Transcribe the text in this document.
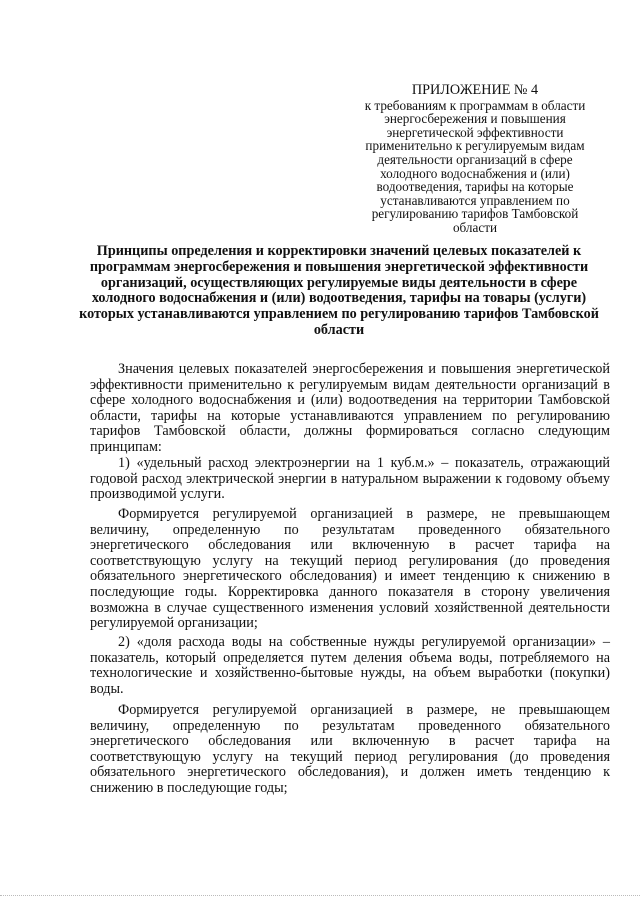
ПРИЛОЖЕНИЕ № 4
к требованиям к программам в области
энергосбережения и повышения
энергетической эффективности
применительно к регулируемым видам
деятельности организаций в сфере
холодного водоснабжения и (или)
водоотведения, тарифы на которые
устанавливаются управлением по
регулированию тарифов Тамбовской
области
Принципы определения и корректировки значений целевых показателей к
программам энергосбережения и повышения энергетической эффективности
организаций, осуществляющих регулируемые виды деятельности в сфере
холодного водоснабжения и (или) водоотведения, тарифы на товары (услуги)
которых устанавливаются управлением по регулированию тарифов Тамбовской
области
Значения целевых показателей энергосбережения и повышения энергетической
эффективности применительно к регулируемым видам деятельности организаций в
сфере холодного водоснабжения и (или) водоотведения на территории Тамбовской
области, тарифы на которые устанавливаются управлением по регулированию
тарифов Тамбовской области, должны формироваться согласно следующим
принципам:
1) «удельный расход электроэнергии на 1 куб.м.» – показатель, отражающий
годовой расход электрической энергии в натуральном выражении к годовому объему
производимой услуги.
Формируется регулируемой организацией в размере, не превышающем
величину, определенную по результатам проведенного обязательного
энергетического обследования или включенную в расчет тарифа на
соответствующую услугу на текущий период регулирования (до проведения
обязательного энергетического обследования) и имеет тенденцию к снижению в
последующие годы. Корректировка данного показателя в сторону увеличения
возможна в случае существенного изменения условий хозяйственной деятельности
регулируемой организации;
2) «доля расхода воды на собственные нужды регулируемой организации» –
показатель, который определяется путем деления объема воды, потребляемого на
технологические и хозяйственно-бытовые нужды, на объем выработки (покупки)
воды.
Формируется регулируемой организацией в размере, не превышающем
величину, определенную по результатам проведенного обязательного
энергетического обследования или включенную в расчет тарифа на
соответствующую услугу на текущий период регулирования (до проведения
обязательного энергетического обследования), и должен иметь тенденцию к
снижению в последующие годы;
